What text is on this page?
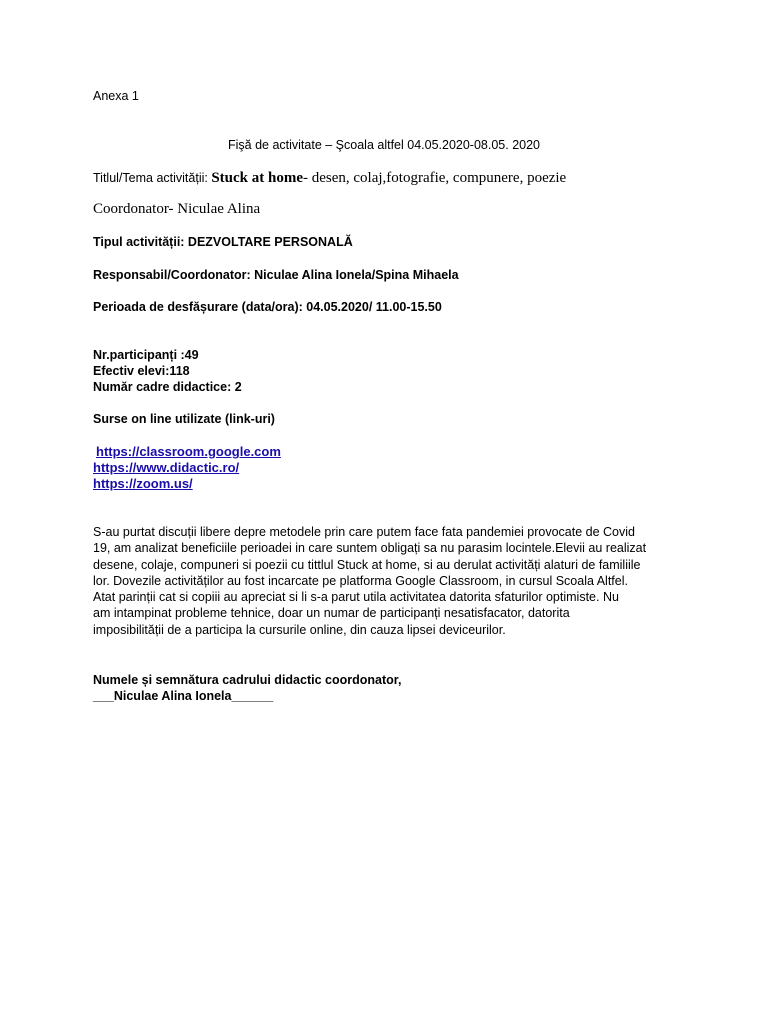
Anexa 1
Fişă de activitate – Şcoala altfel 04.05.2020-08.05. 2020
Titlul/Tema activității: Stuck at home- desen, colaj,fotografie, compunere, poezie
Coordonator- Niculae Alina
Tipul activității: DEZVOLTARE PERSONALĂ
Responsabil/Coordonator: Niculae Alina Ionela/Spina Mihaela
Perioada de desfășurare (data/ora): 04.05.2020/ 11.00-15.50
Nr.participanți :49
Efectiv elevi:118
Număr cadre didactice: 2
Surse on line utilizate (link-uri)
https://classroom.google.com
https://www.didactic.ro/
https://zoom.us/
S-au purtat discuții libere depre metodele prin care putem face fata pandemiei provocate de Covid
19, am analizat beneficiile perioadei in care suntem obligați sa nu parasim locintele.Elevii au realizat
desene, colaje, compuneri si poezii cu tittlul Stuck at home, si au derulat activități alaturi de familiile
lor. Dovezile activităților au fost incarcate pe platforma Google Classroom, in cursul Scoala Altfel.
Atat parinții cat si copiii au apreciat si li s-a parut utila activitatea datorita sfaturilor optimiste. Nu
am intampinat probleme tehnice, doar un numar de participanți nesatisfacator, datorita
imposibilității de a participa la cursurile online, din cauza lipsei deviceurilor.
Numele și semnătura cadrului didactic coordonator,
___Niculae Alina Ionela______
